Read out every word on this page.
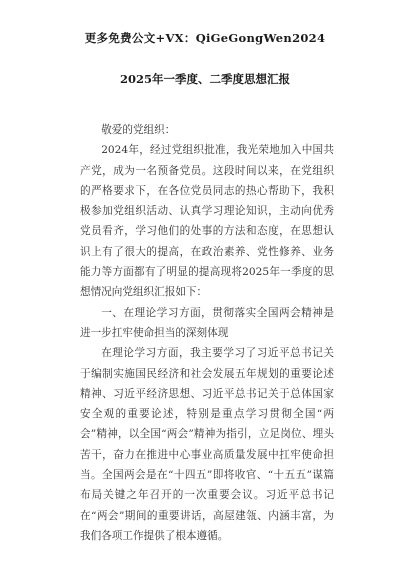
更多免费公文+VX：QiGeGongWen2024
2025年一季度、二季度思想汇报

敬爱的党组织：

2024年，经过党组织批准，我光荣地加入中国共产党，成为一名预备党员。这段时间以来，在党组织的严格要求下，在各位党员同志的热心帮助下，我积极参加党组织活动、认真学习理论知识，主动向优秀党员看齐，学习他们的处事的方法和态度，在思想认识上有了很大的提高，在政治素养、党性修养、业务能力等方面都有了明显的提高现将2025年一季度的思想情况向党组织汇报如下：

一、在理论学习方面，贯彻落实全国两会精神是进一步扛牢使命担当的深刻体现

在理论学习方面，我主要学习了习近平总书记关于编制实施国民经济和社会发展五年规划的重要论述精神、习近平经济思想、习近平总书记关于总体国家安全观的重要论述，特别是重点学习贯彻全国“两会”精神，以全国“两会”精神为指引，立足岗位、埋头苦干，奋力在推进中心事业高质量发展中扛牢使命担当。全国两会是在“十四五”即将收官、“十五五”谋篇布局关键之年召开的一次重要会议。习近平总书记在“两会”期间的重要讲话，高屋建瓴、内涵丰富，为我们各项工作提供了根本遵循。
